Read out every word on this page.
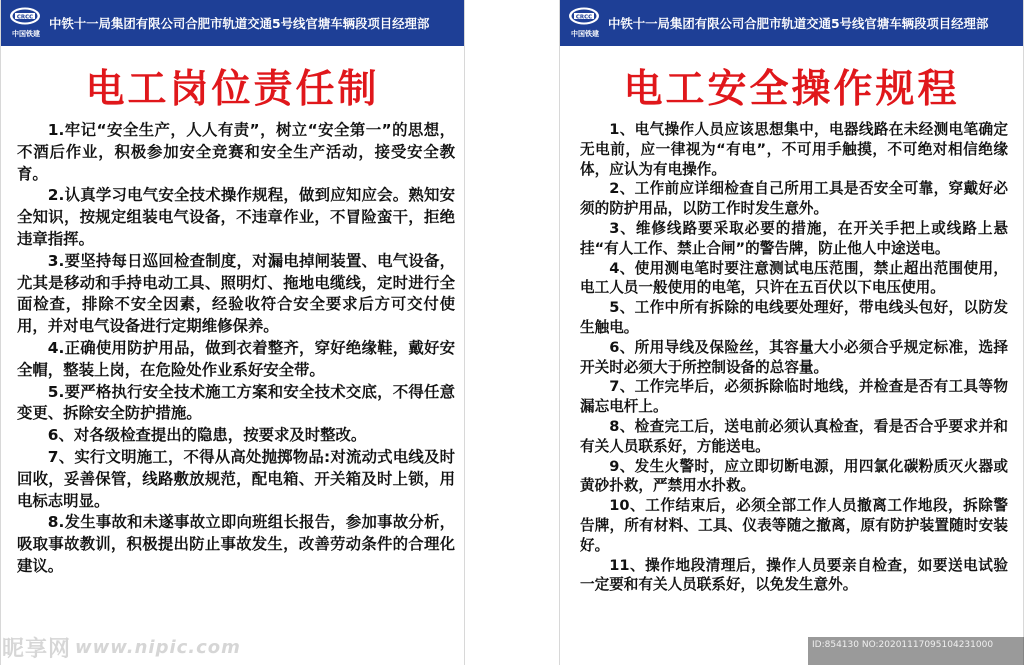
CRCC
中国铁建
中铁十一局集团有限公司合肥市轨道交通5号线官塘车辆段项目经理部
电工岗位责任制

1.牢记“安全生产，人人有责”，树立“安全第一”的思想，不酒后作业，积极参加安全竞赛和安全生产活动，接受安全教育。

2.认真学习电气安全技术操作规程，做到应知应会。熟知安全知识，按规定组装电气设备，不违章作业，不冒险蛮干，拒绝违章指挥。

3.要坚持每日巡回检查制度，对漏电掉闸装置、电气设备，尤其是移动和手持电动工具、照明灯、拖地电缆线，定时进行全面检查，排除不安全因素，经验收符合安全要求后方可交付使用，并对电气设备进行定期维修保养。

4.正确使用防护用品，做到衣着整齐，穿好绝缘鞋，戴好安全帽，整装上岗，在危险处作业系好安全带。

5.要严格执行安全技术施工方案和安全技术交底，不得任意变更、拆除安全防护措施。

6、对各级检查提出的隐患，按要求及时整改。

7、实行文明施工，不得从高处抛掷物品:对流动式电线及时回收，妥善保管，线路敷放规范，配电箱、开关箱及时上锁，用电标志明显。

8.发生事故和未遂事故立即向班组长报告，参加事故分析，吸取事故教训，积极提出防止事故发生，改善劳动条件的合理化建议。

CRCC
中国铁建
中铁十一局集团有限公司合肥市轨道交通5号线官塘车辆段项目经理部
电工安全操作规程

1、电气操作人员应该思想集中，电器线路在未经测电笔确定无电前，应一律视为“有电”，不可用手触摸，不可绝对相信绝缘体，应认为有电操作。

2、工作前应详细检查自己所用工具是否安全可靠，穿戴好必须的防护用品，以防工作时发生意外。

3、维修线路要采取必要的措施，在开关手把上或线路上悬挂“有人工作、禁止合闸”的警告牌，防止他人中途送电。

4、使用测电笔时要注意测试电压范围，禁止超出范围使用，电工人员一般使用的电笔，只许在五百伏以下电压使用。

5、工作中所有拆除的电线要处理好，带电线头包好，以防发生触电。

6、所用导线及保险丝，其容量大小必须合乎规定标准，选择开关时必须大于所控制设备的总容量。

7、工作完毕后，必须拆除临时地线，并检查是否有工具等物漏忘电杆上。

8、检查完工后，送电前必须认真检查，看是否合乎要求并和有关人员联系好，方能送电。

9、发生火警时，应立即切断电源，用四氯化碳粉质灭火器或黄砂扑救，严禁用水扑救。

10、工作结束后，必须全部工作人员撤离工作地段，拆除警告牌，所有材料、工具、仪表等随之撤离，原有防护装置随时安装好。

11、操作地段清理后，操作人员要亲自检查，如要送电试验一定要和有关人员联系好，以免发生意外。

昵享网 www.nipic.com	ID:854130 NO:20201117095104231000
